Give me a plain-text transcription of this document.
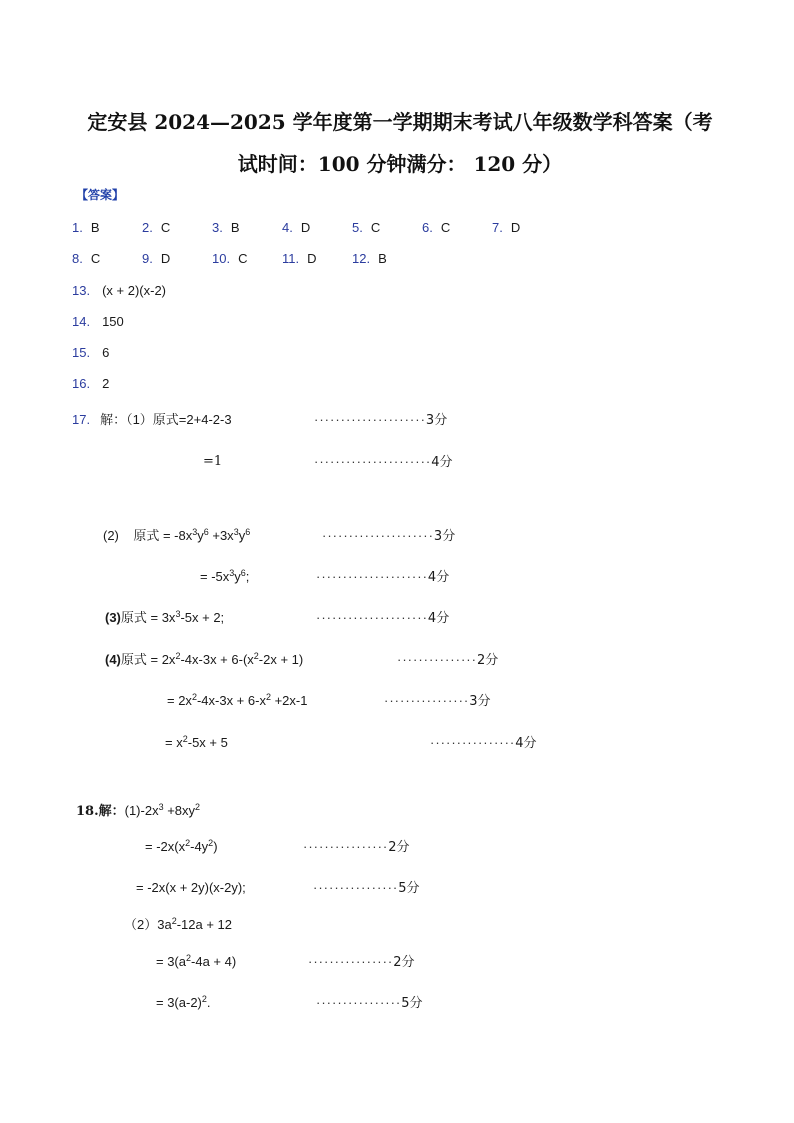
定安县 2024—2025 学年度第一学期期末考试八年级数学科答案（考
试时间：100 分钟满分： 120 分）
【答案】
1. B	2. C	3. B	4. D	5. C	6. C	7. D
8. C	9. D	10. C	11. D	12. B
13. (x + 2)(x-2)
14. 150
15. 6
16. 2
17. 解：（1）原式=2+4-2-3	·····················3分
=1	······················4分
(2) 原式 = $-8x^3y^6 +3x^3y^6$	·····················3分
= $-5x^3y^6$;	·····················4分
(3)原式 = $3x^3-5x + 2$;	·····················4分
(4)原式 = $2x^2-4x-3x + 6-(x^2-2x + 1)$	···············2分
= $2x^2-4x-3x + 6-x^2 +2x-1$	················3分
= $x^2-5x + 5$	················4分
18.解：$(1)-2x^3 +8xy^2$
= $-2x(x^2-4y^2)$	················2分
= -2x(x + 2y)(x-2y);	················5分
$(2)3a^2-12a + 12$
= $3(a^2-4a + 4)$	················2分
= $3(a-2)^2$.	················5分
